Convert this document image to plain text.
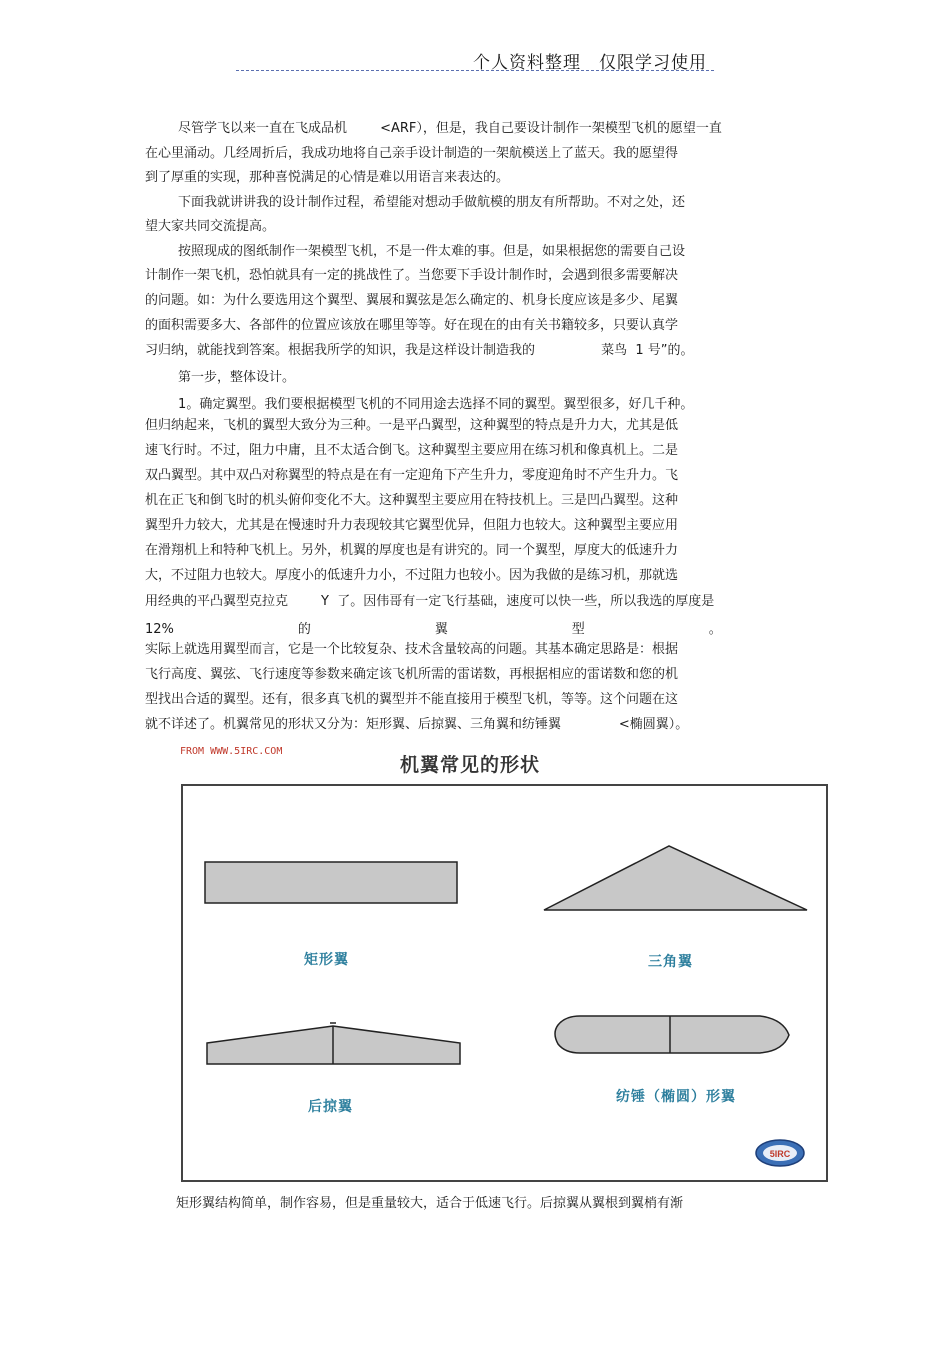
个人资料整理 仅限学习使用
尽管学飞以来一直在飞成品机        <ARF），但是，我自己要设计制作一架模型飞机的愿望一直
在心里涌动。几经周折后，我成功地将自己亲手设计制造的一架航模送上了蓝天。我的愿望得
到了厚重的实现，那种喜悦满足的心情是难以用语言来表达的。
下面我就讲讲我的设计制作过程，希望能对想动手做航模的朋友有所帮助。不对之处，还
望大家共同交流提高。
按照现成的图纸制作一架模型飞机，不是一件太难的事。但是，如果根据您的需要自己设
计制作一架飞机，恐怕就具有一定的挑战性了。当您要下手设计制作时，会遇到很多需要解决
的问题。如：为什么要选用这个翼型、翼展和翼弦是怎么确定的、机身长度应该是多少、尾翼
的面积需要多大、各部件的位置应该放在哪里等等。好在现在的由有关书籍较多，只要认真学
习归纳，就能找到答案。根据我所学的知识，我是这样设计制造我的                菜鸟  1 号”的。
第一步，整体设计。
1。确定翼型。我们要根据模型飞机的不同用途去选择不同的翼型。翼型很多，好几千种。
但归纳起来，飞机的翼型大致分为三种。一是平凸翼型，这种翼型的特点是升力大，尤其是低
速飞行时。不过，阻力中庸，且不太适合倒飞。这种翼型主要应用在练习机和像真机上。二是
双凸翼型。其中双凸对称翼型的特点是在有一定迎角下产生升力，零度迎角时不产生升力。飞
机在正飞和倒飞时的机头俯仰变化不大。这种翼型主要应用在特技机上。三是凹凸翼型。这种
翼型升力较大，尤其是在慢速时升力表现较其它翼型优异，但阻力也较大。这种翼型主要应用
在滑翔机上和特种飞机上。另外，机翼的厚度也是有讲究的。同一个翼型，厚度大的低速升力
大，不过阻力也较大。厚度小的低速升力小，不过阻力也较小。因为我做的是练习机，那就选
用经典的平凸翼型克拉克        Y  了。因伟哥有一定飞行基础，速度可以快一些，所以我选的厚度是
12%                              的                              翼                              型                              。
实际上就选用翼型而言，它是一个比较复杂、技术含量较高的问题。其基本确定思路是：根据
飞行高度、翼弦、飞行速度等参数来确定该飞机所需的雷诺数，再根据相应的雷诺数和您的机
型找出合适的翼型。还有，很多真飞机的翼型并不能直接用于模型飞机，等等。这个问题在这
就不详述了。机翼常见的形状又分为：矩形翼、后掠翼、三角翼和纺锤翼              <椭圆翼）。
FROM WWW.5IRC.COM
机翼常见的形状
5IRC
矩形翼	三角翼
后掠翼
纺锤（椭圆）形翼
矩形翼结构简单，制作容易，但是重量较大，适合于低速飞行。后掠翼从翼根到翼梢有渐
